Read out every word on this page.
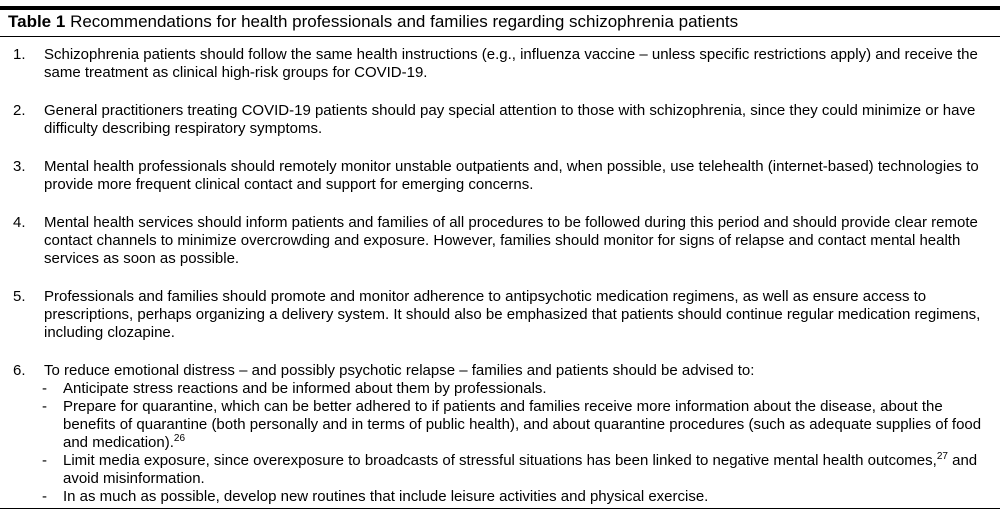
Table 1 Recommendations for health professionals and families regarding schizophrenia patients
1. Schizophrenia patients should follow the same health instructions (e.g., influenza vaccine – unless specific restrictions apply) and receive the same treatment as clinical high-risk groups for COVID-19.
2. General practitioners treating COVID-19 patients should pay special attention to those with schizophrenia, since they could minimize or have difficulty describing respiratory symptoms.
3. Mental health professionals should remotely monitor unstable outpatients and, when possible, use telehealth (internet-based) technologies to provide more frequent clinical contact and support for emerging concerns.
4. Mental health services should inform patients and families of all procedures to be followed during this period and should provide clear remote contact channels to minimize overcrowding and exposure. However, families should monitor for signs of relapse and contact mental health services as soon as possible.
5. Professionals and families should promote and monitor adherence to antipsychotic medication regimens, as well as ensure access to prescriptions, perhaps organizing a delivery system. It should also be emphasized that patients should continue regular medication regimens, including clozapine.
6. To reduce emotional distress – and possibly psychotic relapse – families and patients should be advised to:
- Anticipate stress reactions and be informed about them by professionals.
- Prepare for quarantine, which can be better adhered to if patients and families receive more information about the disease, about the benefits of quarantine (both personally and in terms of public health), and about quarantine procedures (such as adequate supplies of food and medication).$^{26}$
- Limit media exposure, since overexposure to broadcasts of stressful situations has been linked to negative mental health outcomes,$^{27}$ and avoid misinformation.
- In as much as possible, develop new routines that include leisure activities and physical exercise.
